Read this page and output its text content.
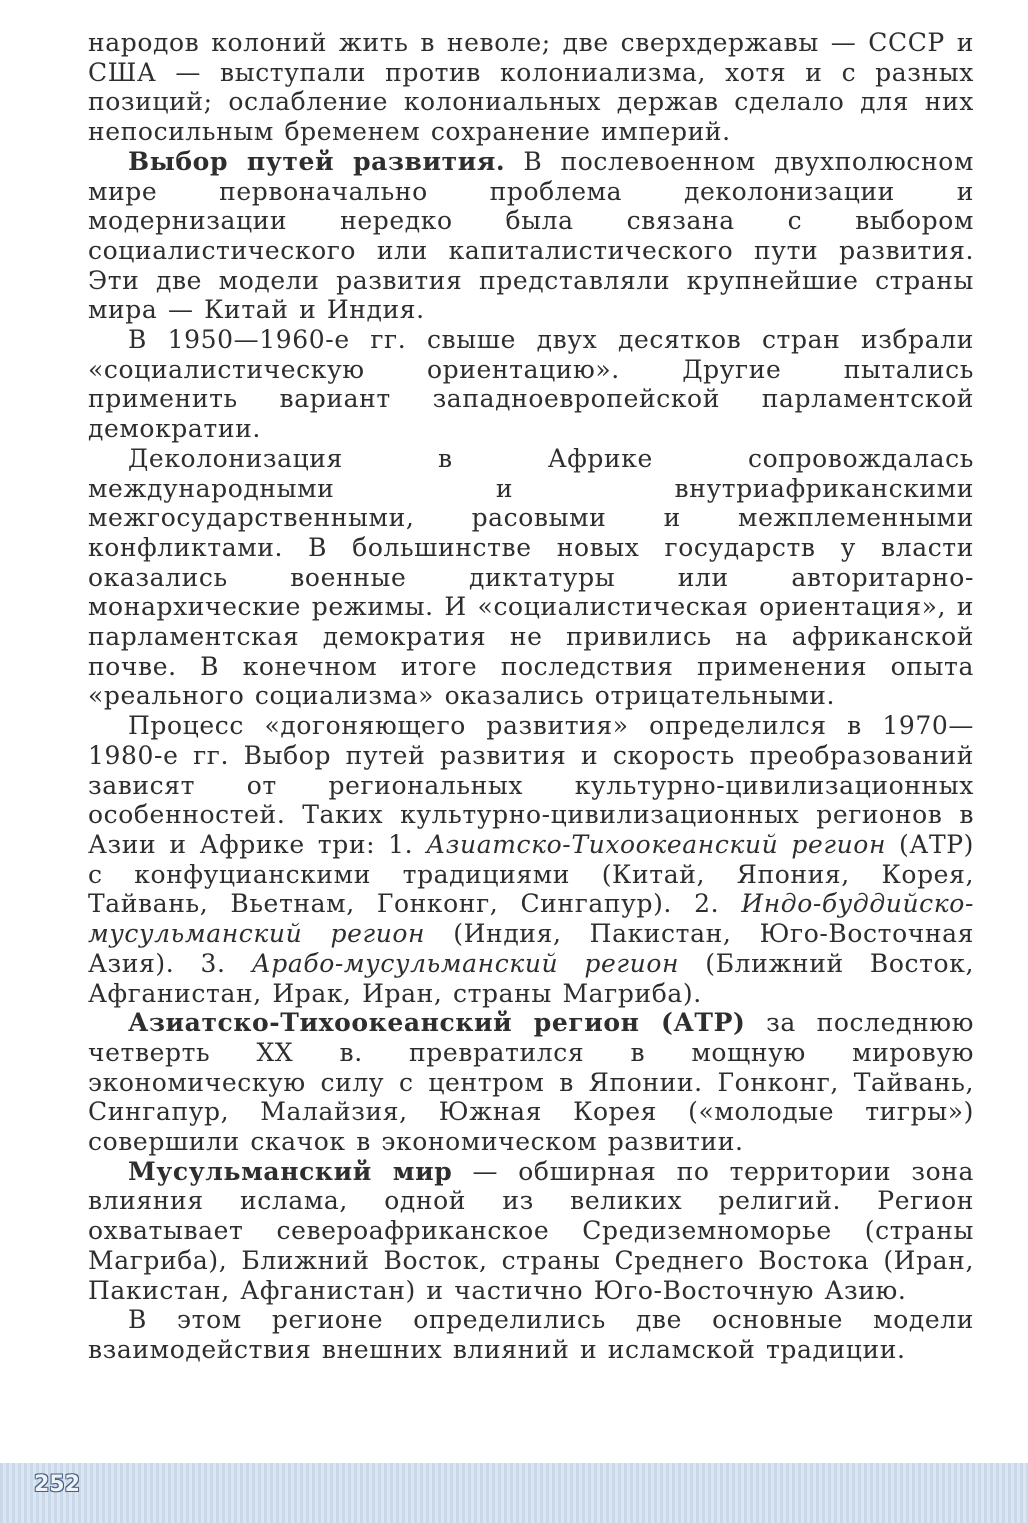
народов колоний жить в неволе; две сверхдержавы — СССР и США — выступали против колониализма, хотя и с разных позиций; ослабление колониальных держав сделало для них непосильным бременем сохранение империй.

Выбор путей развития. В послевоенном двухполюсном мире первоначально проблема деколонизации и модернизации нередко была связана с выбором социалистического или капиталистического пути развития. Эти две модели развития представляли крупнейшие страны мира — Китай и Индия.

В 1950—1960-е гг. свыше двух десятков стран избрали «социалистическую ориентацию». Другие пытались применить вариант западноевропейской парламентской демократии.

Деколонизация в Африке сопровождалась международными и внутриафриканскими межгосударственными, расовыми и межплеменными конфликтами. В большинстве новых государств у власти оказались военные диктатуры или авторитарно-монархические режимы. И «социалистическая ориентация», и парламентская демократия не привились на африканской почве. В конечном итоге последствия применения опыта «реального социализма» оказались отрицательными.

Процесс «догоняющего развития» определился в 1970—1980-е гг. Выбор путей развития и скорость преобразований зависят от региональных культурно-цивилизационных особенностей. Таких культурно-цивилизационных регионов в Азии и Африке три: 1. Азиатско-Тихоокеанский регион (АТР) с конфуцианскими традициями (Китай, Япония, Корея, Тайвань, Вьетнам, Гонконг, Сингапур). 2. Индо-буддийско-мусульманский регион (Индия, Пакистан, Юго-Восточная Азия). 3. Арабо-мусульманский регион (Ближний Восток, Афганистан, Ирак, Иран, страны Магриба).

Азиатско-Тихоокеанский регион (АТР) за последнюю четверть XX в. превратился в мощную мировую экономическую силу с центром в Японии. Гонконг, Тайвань, Сингапур, Малайзия, Южная Корея («молодые тигры») совершили скачок в экономическом развитии.

Мусульманский мир — обширная по территории зона влияния ислама, одной из великих религий. Регион охватывает североафриканское Средиземноморье (страны Магриба), Ближний Восток, страны Среднего Востока (Иран, Пакистан, Афганистан) и частично Юго-Восточную Азию.

В этом регионе определились две основные модели взаимодействия внешних влияний и исламской традиции.

252
